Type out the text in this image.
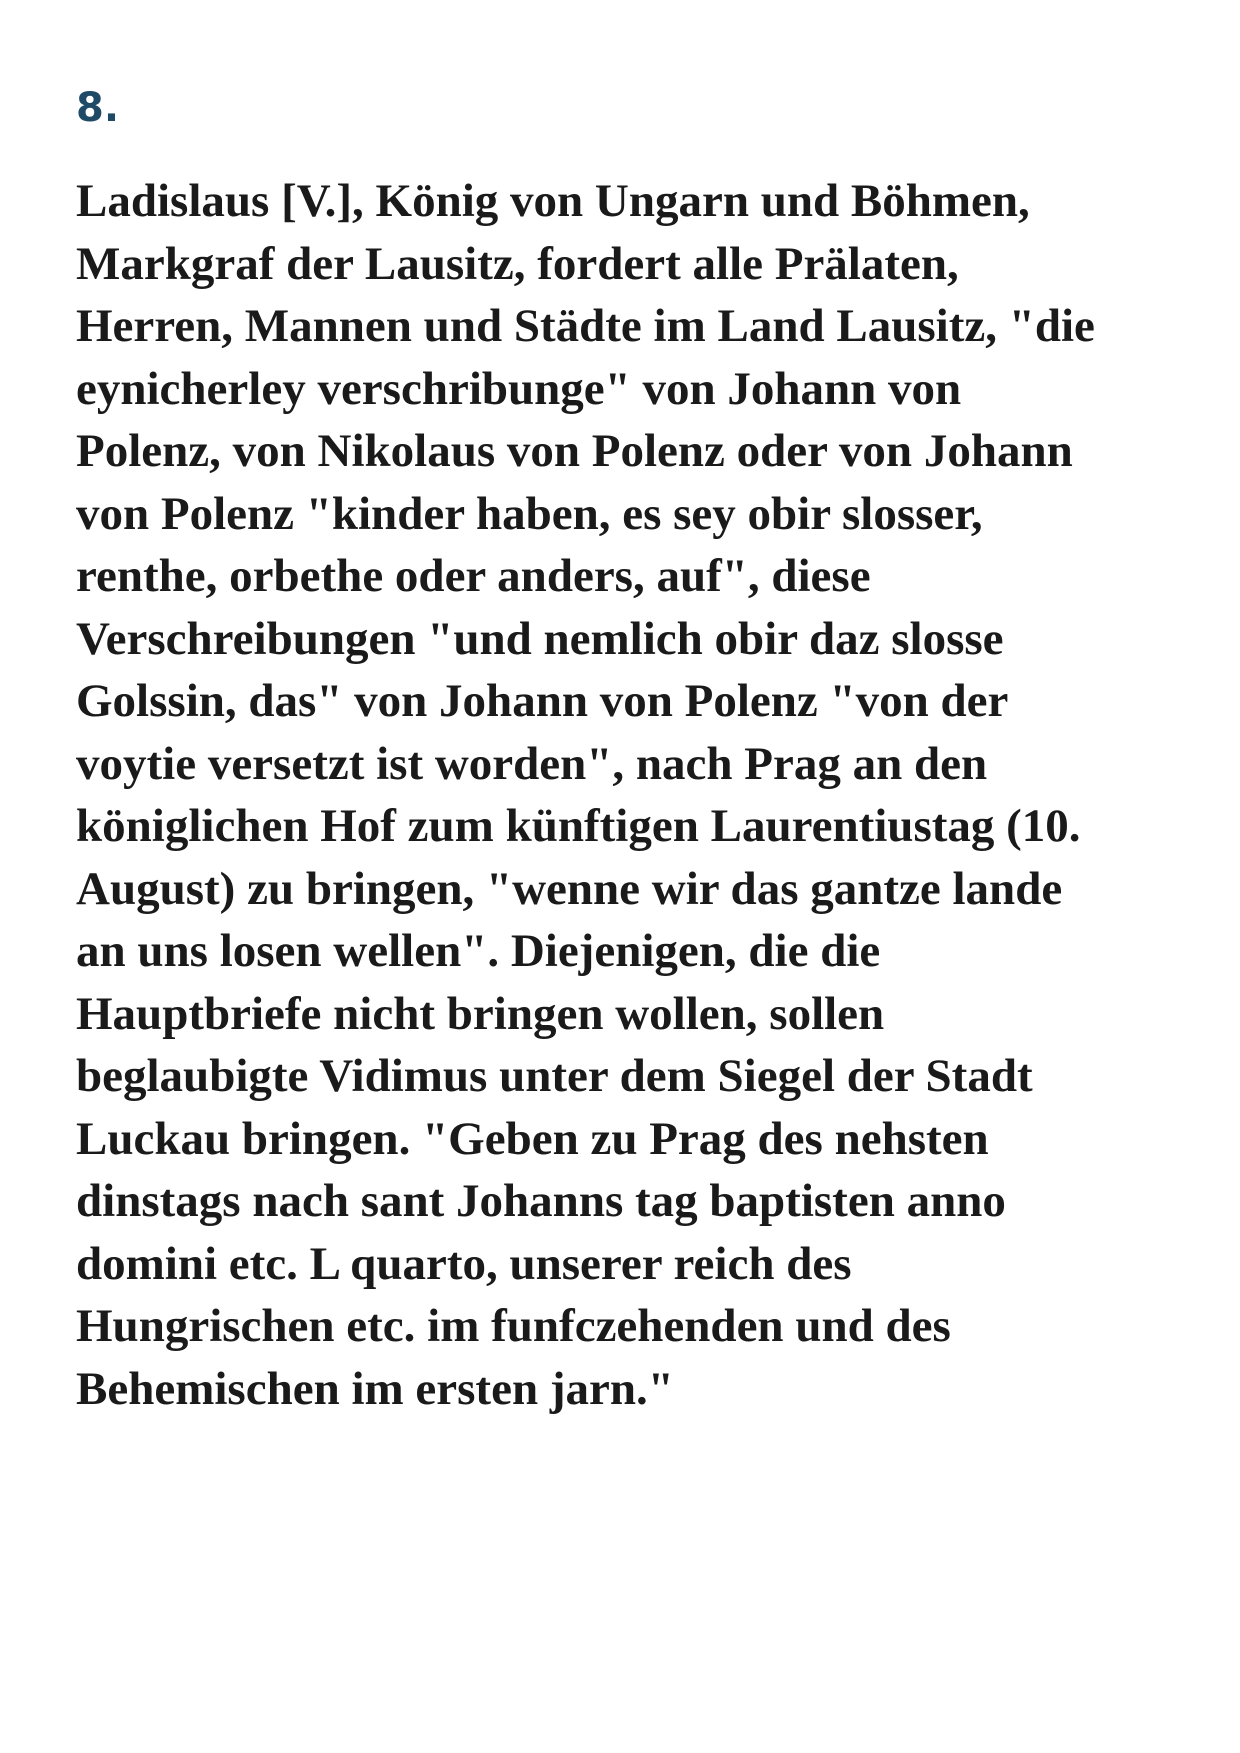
8.

Ladislaus [V.], König von Ungarn und Böhmen,
Markgraf der Lausitz, fordert alle Prälaten,
Herren, Mannen und Städte im Land Lausitz, "die
eynicherley verschribunge" von Johann von
Polenz, von Nikolaus von Polenz oder von Johann
von Polenz "kinder haben, es sey obir slosser,
renthe, orbethe oder anders, auf", diese
Verschreibungen "und nemlich obir daz slosse
Golssin, das" von Johann von Polenz "von der
voytie versetzt ist worden", nach Prag an den
königlichen Hof zum künftigen Laurentiustag (10.
August) zu bringen, "wenne wir das gantze lande
an uns losen wellen". Diejenigen, die die
Hauptbriefe nicht bringen wollen, sollen
beglaubigte Vidimus unter dem Siegel der Stadt
Luckau bringen. "Geben zu Prag des nehsten
dinstags nach sant Johanns tag baptisten anno
domini etc. L quarto, unserer reich des
Hungrischen etc. im funfczehenden und des
Behemischen im ersten jarn."
